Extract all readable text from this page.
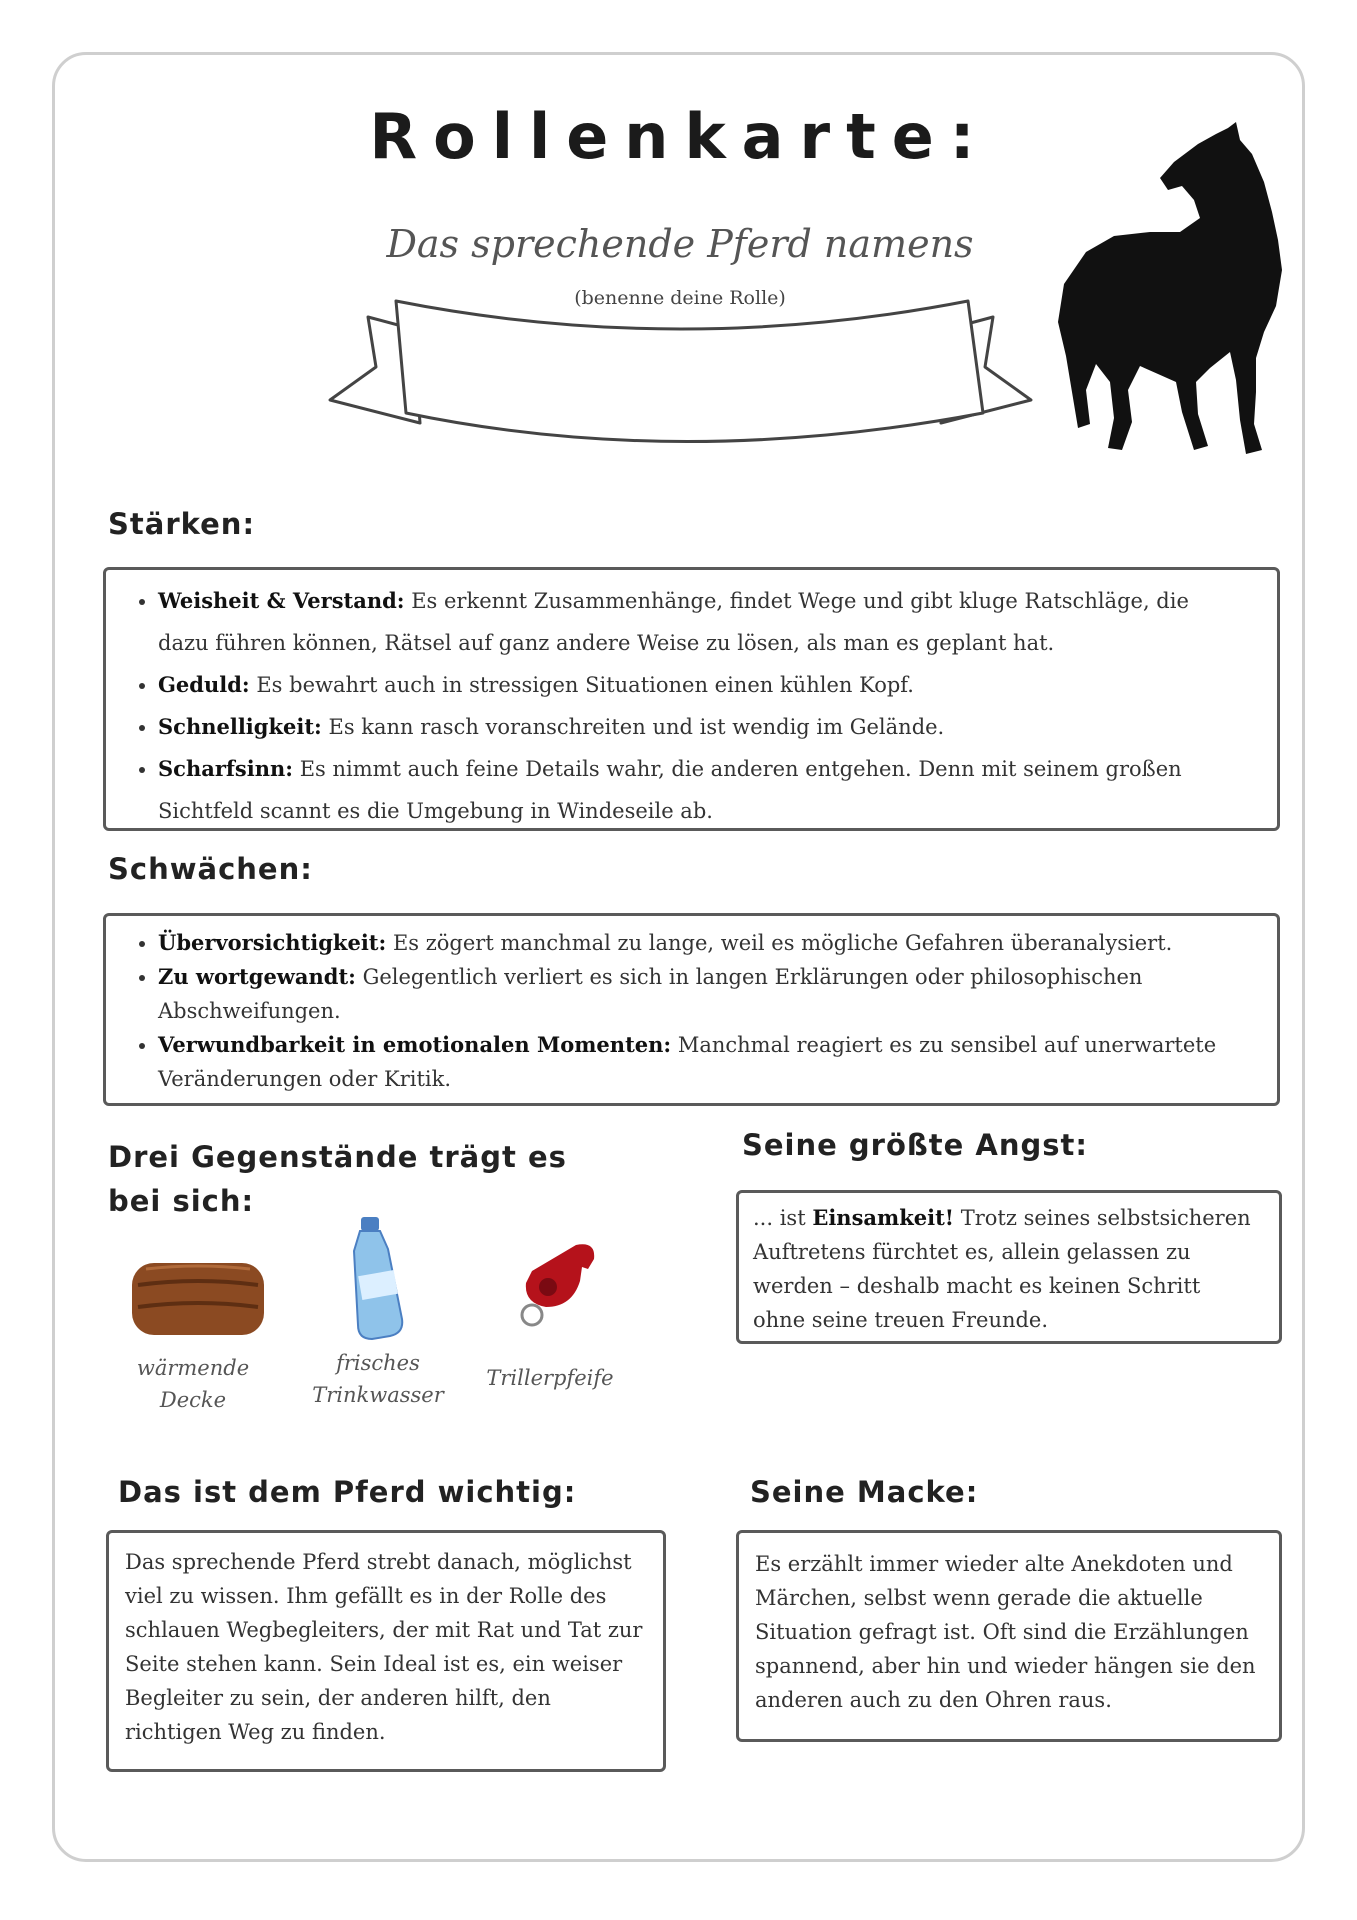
Rollenkarte:
Das sprechende Pferd namens
(benenne deine Rolle)
Stärken:
• Weisheit & Verstand: Es erkennt Zusammenhänge, findet Wege und gibt kluge Ratschläge, die dazu führen können, Rätsel auf ganz andere Weise zu lösen, als man es geplant hat.
• Geduld: Es bewahrt auch in stressigen Situationen einen kühlen Kopf.
• Schnelligkeit: Es kann rasch voranschreiten und ist wendig im Gelände.
• Scharfsinn: Es nimmt auch feine Details wahr, die anderen entgehen. Denn mit seinem großen Sichtfeld scannt es die Umgebung in Windeseile ab.
Schwächen:
• Übervorsichtigkeit: Es zögert manchmal zu lange, weil es mögliche Gefahren überanalysiert.
• Zu wortgewandt: Gelegentlich verliert es sich in langen Erklärungen oder philosophischen Abschweifungen.
• Verwundbarkeit in emotionalen Momenten: Manchmal reagiert es zu sensibel auf unerwartete Veränderungen oder Kritik.
Drei Gegenstände trägt es
bei sich:
wärmende
Decke
frisches
Trinkwasser
Trillerpfeife
Seine größte Angst:

... ist Einsamkeit! Trotz seines selbstsicheren Auftretens fürchtet es, allein gelassen zu werden – deshalb macht es keinen Schritt ohne seine treuen Freunde.

Das ist dem Pferd wichtig:

Das sprechende Pferd strebt danach, möglichst viel zu wissen. Ihm gefällt es in der Rolle des schlauen Wegbegleiters, der mit Rat und Tat zur Seite stehen kann. Sein Ideal ist es, ein weiser Begleiter zu sein, der anderen hilft, den richtigen Weg zu finden.

Seine Macke:

Es erzählt immer wieder alte Anekdoten und Märchen, selbst wenn gerade die aktuelle Situation gefragt ist. Oft sind die Erzählungen spannend, aber hin und wieder hängen sie den anderen auch zu den Ohren raus.
